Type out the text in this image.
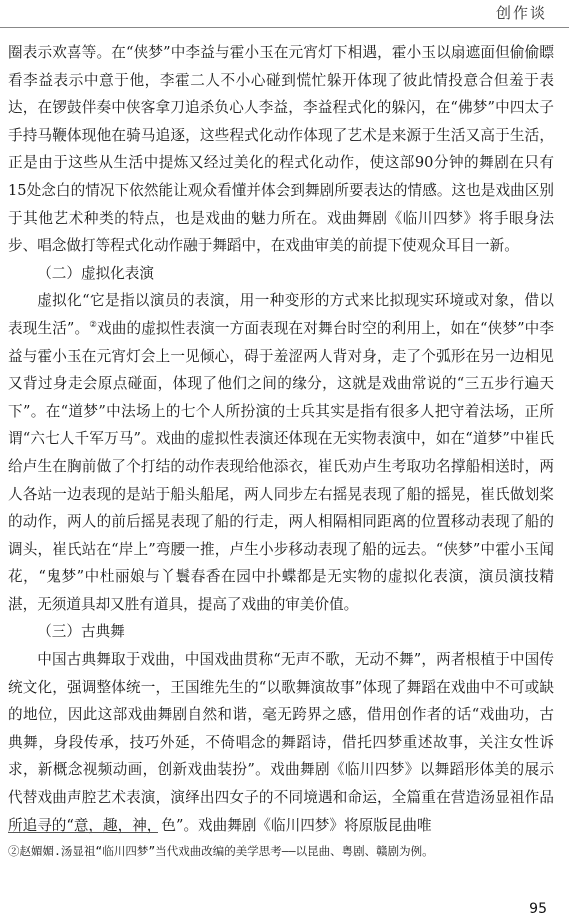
创作谈

圈表示欢喜等。在“侠梦”中李益与霍小玉在元宵灯下相遇，霍小玉以扇遮面但偷偷瞟看李益表示中意于他，李霍二人不小心碰到慌忙躲开体现了彼此情投意合但羞于表达，在锣鼓伴奏中侠客拿刀追杀负心人李益，李益程式化的躲闪，在“佛梦”中四太子手持马鞭体现他在骑马追逐，这些程式化动作体现了艺术是来源于生活又高于生活，正是由于这些从生活中提炼又经过美化的程式化动作，使这部90分钟的舞剧在只有15处念白的情况下依然能让观众看懂并体会到舞剧所要表达的情感。这也是戏曲区别于其他艺术种类的特点，也是戏曲的魅力所在。戏曲舞剧《临川四梦》将手眼身法步、唱念做打等程式化动作融于舞蹈中，在戏曲审美的前提下使观众耳目一新。

（二）虚拟化表演

虚拟化“它是指以演员的表演，用一种变形的方式来比拟现实环境或对象，借以表现生活”。②戏曲的虚拟性表演一方面表现在对舞台时空的利用上，如在“侠梦”中李益与霍小玉在元宵灯会上一见倾心，碍于羞涩两人背对身，走了个弧形在另一边相见又背过身走会原点碰面，体现了他们之间的缘分，这就是戏曲常说的“三五步行遍天下”。在“道梦”中法场上的七个人所扮演的士兵其实是指有很多人把守着法场，正所谓“六七人千军万马”。戏曲的虚拟性表演还体现在无实物表演中，如在“道梦”中崔氏给卢生在胸前做了个打结的动作表现给他添衣，崔氏劝卢生考取功名撑船相送时，两人各站一边表现的是站于船头船尾，两人同步左右摇晃表现了船的摇晃，崔氏做划桨的动作，两人的前后摇晃表现了船的行走，两人相隔相同距离的位置移动表现了船的调头，崔氏站在“岸上”弯腰一推，卢生小步移动表现了船的远去。“侠梦”中霍小玉闻花，“鬼梦”中杜丽娘与丫鬟春香在园中扑蝶都是无实物的虚拟化表演，演员演技精湛，无须道具却又胜有道具，提高了戏曲的审美价值。

（三）古典舞

中国古典舞取于戏曲，中国戏曲贯称“无声不歌，无动不舞”，两者根植于中国传统文化，强调整体统一，王国维先生的“以歌舞演故事”体现了舞蹈在戏曲中不可或缺的地位，因此这部戏曲舞剧自然和谐，毫无跨界之感，借用创作者的话“戏曲功，古典舞，身段传承，技巧外延，不倚唱念的舞蹈诗，借托四梦重述故事，关注女性诉求，新概念视频动画，创新戏曲装扮”。戏曲舞剧《临川四梦》以舞蹈形体美的展示代替戏曲声腔艺术表演，演绎出四女子的不同境遇和命运，全篇重在营造汤显祖作品所追寻的“意，趣，神，色”。戏曲舞剧《临川四梦》将原版昆曲唯

②赵媚媚.汤显祖“临川四梦”当代戏曲改编的美学思考——以昆曲、粤剧、赣剧为例。
95
